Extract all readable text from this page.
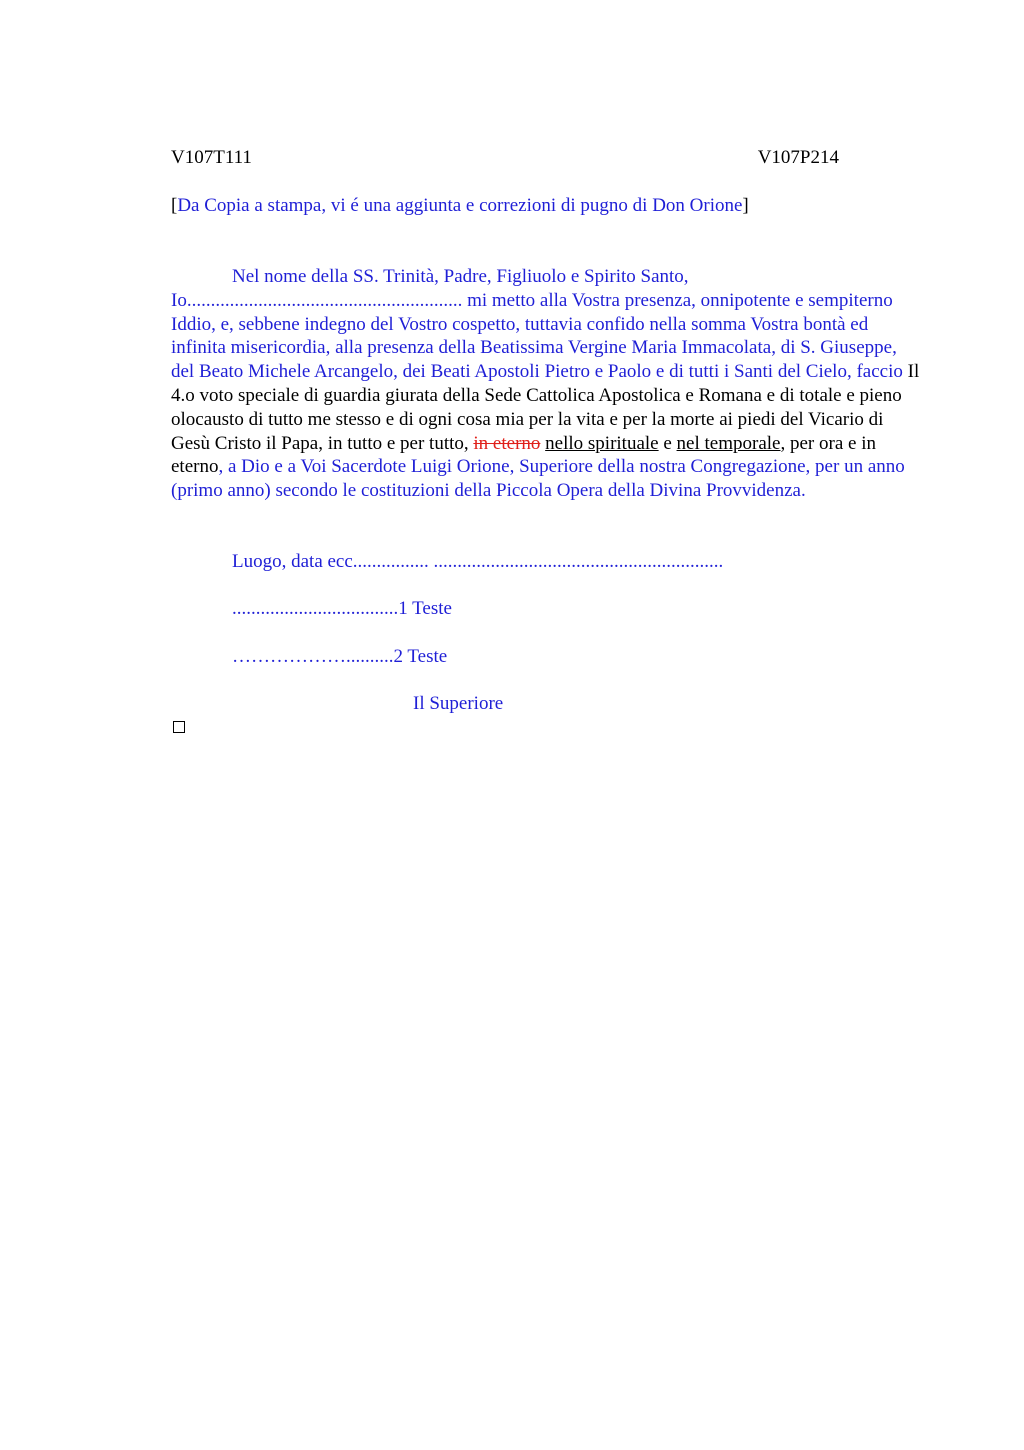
V107T111	V107P214
[Da Copia a stampa, vi é una aggiunta e correzioni di pugno di Don Orione]
Nel nome della SS. Trinità, Padre, Figliuolo e Spirito Santo,
Io.......................................................... mi metto alla Vostra presenza, onnipotente e sempiterno Iddio, e, sebbene indegno del Vostro cospetto, tuttavia confido nella somma Vostra bontà ed infinita misericordia, alla presenza della Beatissima Vergine Maria Immacolata, di S. Giuseppe, del Beato Michele Arcangelo, dei Beati Apostoli Pietro e Paolo e di tutti i Santi del Cielo, faccio Il 4.o voto speciale di guardia giurata della Sede Cattolica Apostolica e Romana e di totale e pieno olocausto di tutto me stesso e di ogni cosa mia per la vita e per la morte ai piedi del Vicario di Gesù Cristo il Papa, in tutto e per tutto, in eterno nello spirituale e nel temporale, per ora e in eterno, a Dio e a Voi Sacerdote Luigi Orione, Superiore della nostra Congregazione, per un anno (primo anno) secondo le costituzioni della Piccola Opera della Divina Provvidenza.
Luogo, data ecc................ .............................................................
...................................1 Teste
………………..........2 Teste
Il Superiore
